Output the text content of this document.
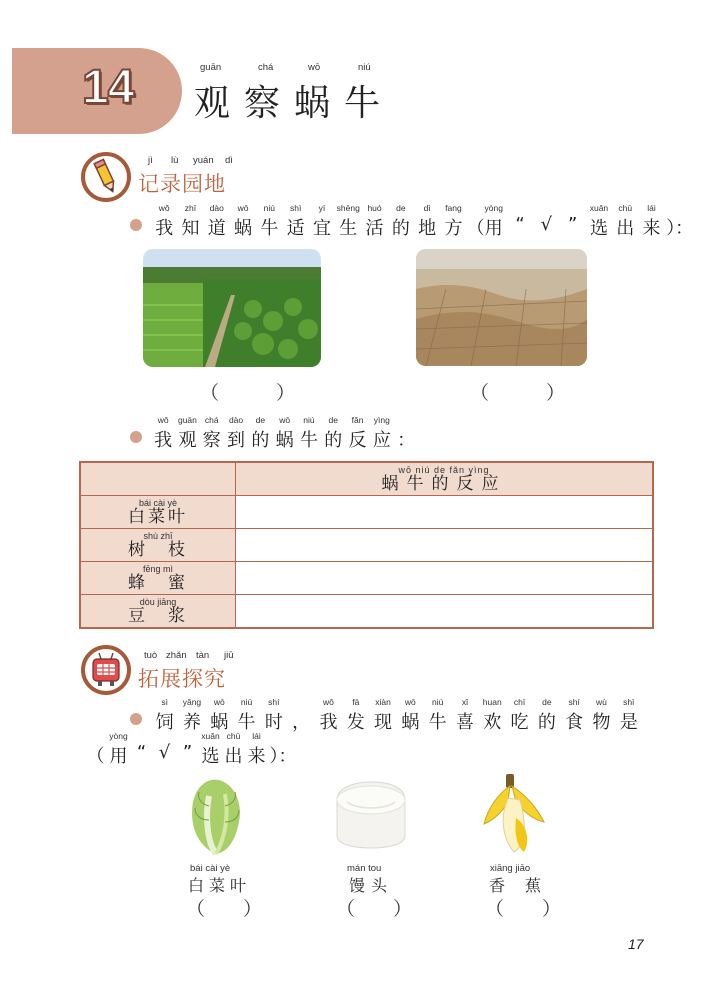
14	guān	chá	wō	niú
观 察 蜗 牛
jì lù yuán dì
记录园地
wǒ
我
zhī
知
dào
道
wō
蜗
niú
牛
shì
适
yí
宜
shēng
生
huó
活
de
的
dì
地
fang
方 （
yòng
用 “ √ ”
xuǎn
选
chū
出
lái
来 ）：
（　　　）	（　　　）
wǒ
我
guān
观
chá
察
dào
到
de
的
wō
蜗
niú
牛
de
的
fǎn
反
yìng
应 ：

	wō niú de fǎn yìng
蜗牛的反应

bái cài yè
白菜叶	

shù zhī
树　枝	

fēng mì
蜂　蜜	

dòu jiāng
豆　浆	

tuò zhǎn tàn jiū
拓展探究
sì
饲
yǎng
养
wō
蜗
niú
牛
shí
时 ，
wǒ
我
fā
发
xiàn
现
wō
蜗
niú
牛
xǐ
喜
huan
欢
chī
吃
de
的
shí
食
wù
物
shì
是
（
yòng
用 “ √ ”
xuǎn
选
chū
出
lái
来 ）：
bái cài yè
白菜叶
（　　）
mán tou
馒头
（　　）
xiāng jiāo
香　蕉
（　　）
17
